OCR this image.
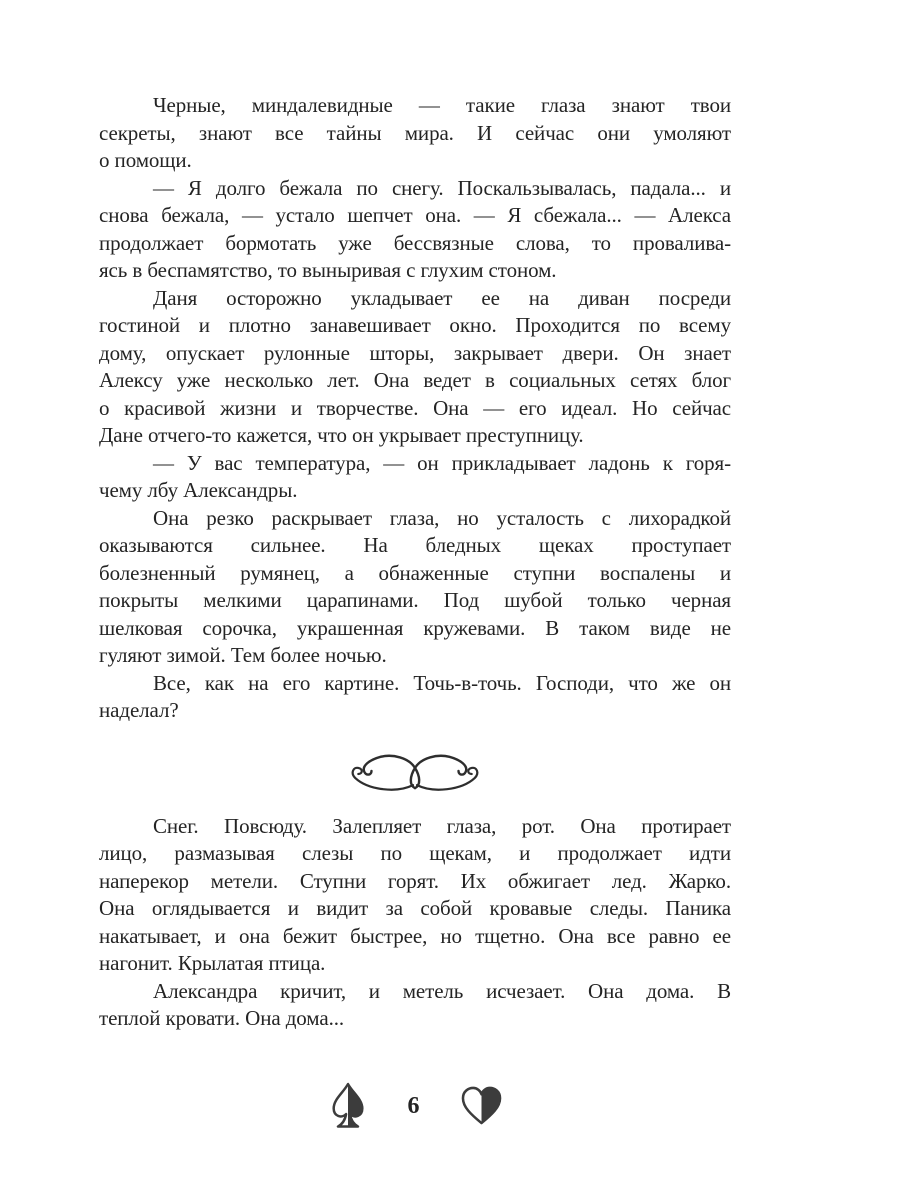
Черные, миндалевидные — такие глаза знают твои
секреты, знают все тайны мира. И сейчас они умоляют
о помощи.
— Я долго бежала по снегу. Поскальзывалась, падала... и
снова бежала, — устало шепчет она. — Я сбежала... — Алекса
продолжает бормотать уже бессвязные слова, то провалива-
ясь в беспамятство, то выныривая с глухим стоном.
Даня осторожно укладывает ее на диван посреди
гостиной и плотно занавешивает окно. Проходится по всему
дому, опускает рулонные шторы, закрывает двери. Он знает
Алексу уже несколько лет. Она ведет в социальных сетях блог
о красивой жизни и творчестве. Она — его идеал. Но сейчас
Дане отчего-то кажется, что он укрывает преступницу.
— У вас температура, — он прикладывает ладонь к горя-
чему лбу Александры.
Она резко раскрывает глаза, но усталость с лихорадкой
оказываются сильнее. На бледных щеках проступает
болезненный румянец, а обнаженные ступни воспалены и
покрыты мелкими царапинами. Под шубой только черная
шелковая сорочка, украшенная кружевами. В таком виде не
гуляют зимой. Тем более ночью.
Все, как на его картине. Точь-в-точь. Господи, что же он
наделал?
Снег. Повсюду. Залепляет глаза, рот. Она протирает
лицо, размазывая слезы по щекам, и продолжает идти
наперекор метели. Ступни горят. Их обжигает лед. Жарко.
Она оглядывается и видит за собой кровавые следы. Паника
накатывает, и она бежит быстрее, но тщетно. Она все равно ее
нагонит. Крылатая птица.
Александра кричит, и метель исчезает. Она дома. В
теплой кровати. Она дома...
6
